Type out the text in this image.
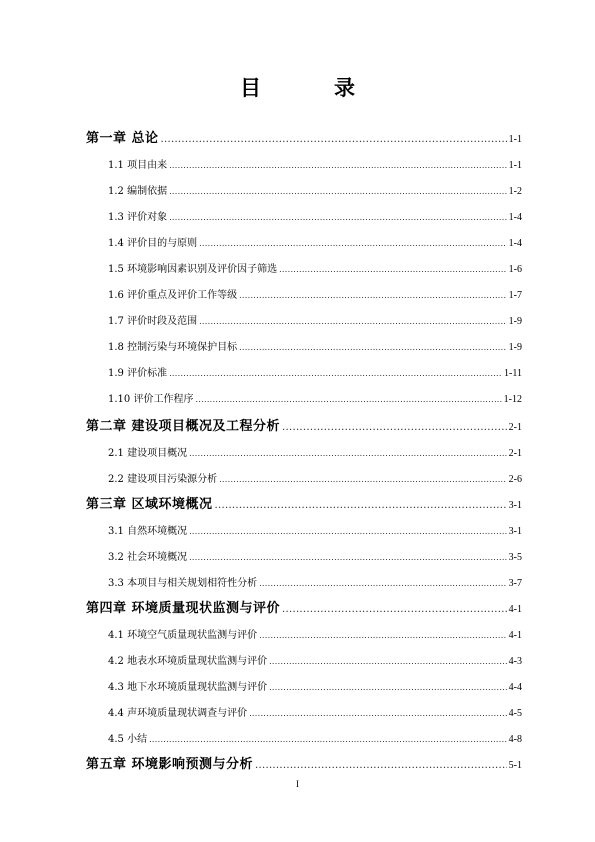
目　录
第一章 总论 .....	1-1
1.1 项目由来 .....	1-1
1.2 编制依据 .....	1-2
1.3 评价对象 .....	1-4
1.4 评价目的与原则 .....	1-4
1.5 环境影响因素识别及评价因子筛选 .....	1-6
1.6 评价重点及评价工作等级 .....	1-7
1.7 评价时段及范围 .....	1-9
1.8 控制污染与环境保护目标 .....	1-9
1.9 评价标准 .....	1-11
1.10 评价工作程序 .....	1-12
第二章 建设项目概况及工程分析 .....	2-1
2.1 建设项目概况 .....	2-1
2.2 建设项目污染源分析 .....	2-6
第三章 区域环境概况 .....	3-1
3.1 自然环境概况 .....	3-1
3.2 社会环境概况 .....	3-5
3.3 本项目与相关规划相符性分析 .....	3-7
第四章 环境质量现状监测与评价 .....	4-1
4.1 环境空气质量现状监测与评价 .....	4-1
4.2 地表水环境质量现状监测与评价 .....	4-3
4.3 地下水环境质量现状监测与评价 .....	4-4
4.4 声环境质量现状调查与评价 .....	4-5
4.5 小结 .....	4-8
第五章 环境影响预测与分析 .....	5-1
I
